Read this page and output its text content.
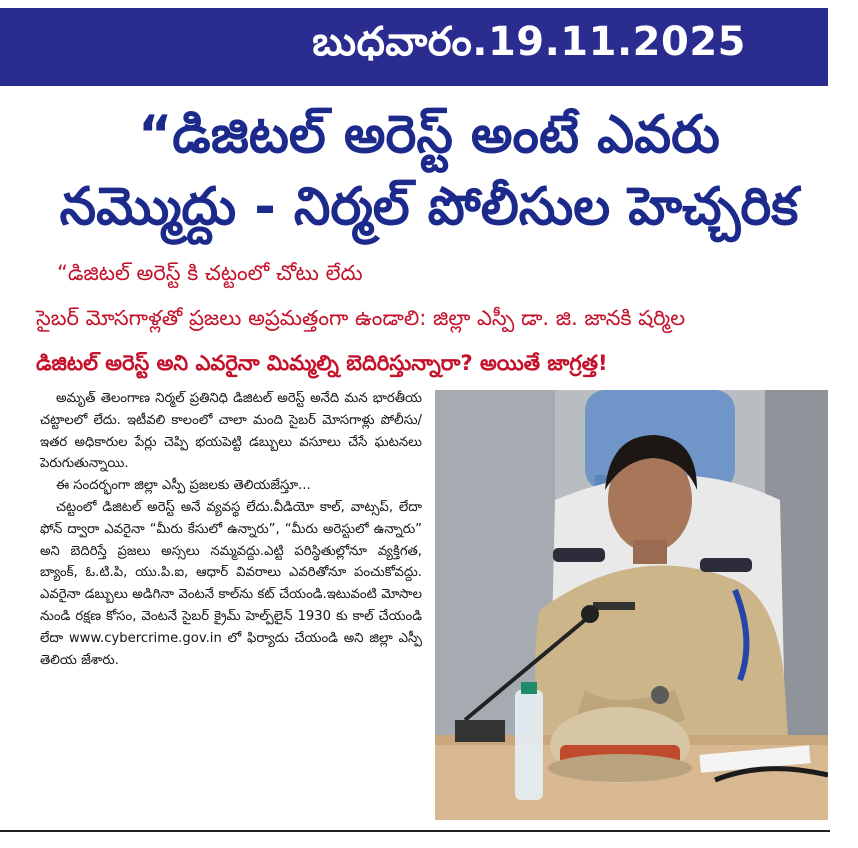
బుధవారం.19.11.2025
“డిజిటల్ అరెస్ట్ అంటే ఎవరు
నమ్మొద్దు - నిర్మల్ పోలీసుల హెచ్చరిక
“డిజిటల్ అరెస్ట్ కి చట్టంలో చోటు లేదు
సైబర్ మోసగాళ్లతో ప్రజలు అప్రమత్తంగా ఉండాలి: జిల్లా ఎస్పీ డా. జి. జానకి షర్మిల
డిజిటల్ అరెస్ట్ అని ఎవరైనా మిమ్మల్ని బెదిరిస్తున్నారా? అయితే జాగ్రత్త!

అమృత్ తెలంగాణ నిర్మల్ ప్రతినిధి డిజిటల్ అరెస్ట్ అనేది మన భారతీయ చట్టాలలో లేదు. ఇటీవలి కాలంలో చాలా మంది సైబర్ మోసగాళ్లు పోలీసు/ఇతర అధికారుల పేర్లు చెప్పి భయపెట్టి డబ్బులు వసూలు చేసే ఘటనలు పెరుగుతున్నాయి.

ఈ సందర్భంగా జిల్లా ఎస్పీ ప్రజలకు తెలియజేస్తూ...

చట్టంలో డిజిటల్ అరెస్ట్ అనే వ్యవస్థ లేదు.వీడియో కాల్, వాట్సప్, లేదా ఫోన్ ద్వారా ఎవరైనా “మీరు కేసులో ఉన్నారు”, “మీరు అరెస్టులో ఉన్నారు” అని బెదిరిస్తే ప్రజలు అస్సలు నమ్మవద్దు.ఎట్టి పరిస్థితుల్లోనూ వ్యక్తిగత, బ్యాంక్, ఓ.టి.పి, యు.పి.ఐ, ఆధార్ వివరాలు ఎవరితోనూ పంచుకోవద్దు. ఎవరైనా డబ్బులు అడిగినా వెంటనే కాల్‌ను కట్ చేయండి.ఇటువంటి మోసాల నుండి రక్షణ కోసం, వెంటనే సైబర్ క్రైమ్ హెల్ప్‌లైన్ 1930 కు కాల్ చేయండి లేదా www.cybercrime.gov.in లో ఫిర్యాదు చేయండి అని జిల్లా ఎస్పీ తెలియ జేశారు.
